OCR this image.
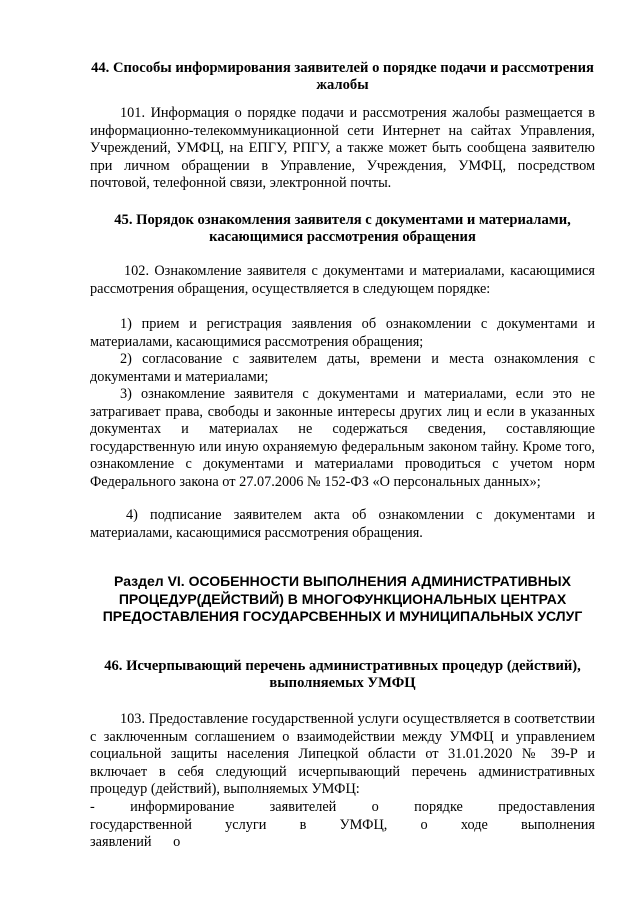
44. Способы информирования заявителей о порядке подачи и рассмотрения жалобы

101. Информация о порядке подачи и рассмотрения жалобы размещается в информационно-телекоммуникационной сети Интернет на сайтах Управления, Учреждений, УМФЦ, на ЕПГУ, РПГУ, а также может быть сообщена заявителю при личном обращении в Управление, Учреждения, УМФЦ, посредством почтовой, телефонной связи, электронной почты.

45. Порядок ознакомления заявителя с документами и материалами, касающимися рассмотрения обращения

102. Ознакомление заявителя с документами и материалами, касающимися рассмотрения обращения, осуществляется в следующем порядке:

1) прием и регистрация заявления об ознакомлении с документами и материалами, касающимися рассмотрения обращения;

2) согласование с заявителем даты, времени и места ознакомления с документами и материалами;

3) ознакомление заявителя с документами и материалами, если это не затрагивает права, свободы и законные интересы других лиц и если в указанных документах и материалах не содержаться сведения, составляющие государственную или иную охраняемую федеральным законом тайну. Кроме того, ознакомление с документами и материалами проводиться с учетом норм Федерального закона от 27.07.2006 № 152-ФЗ «О персональных данных»;

4) подписание заявителем акта об ознакомлении с документами и материалами, касающимися рассмотрения обращения.

Раздел VI. ОСОБЕННОСТИ ВЫПОЛНЕНИЯ АДМИНИСТРАТИВНЫХ ПРОЦЕДУР(ДЕЙСТВИЙ) В МНОГОФУНКЦИОНАЛЬНЫХ ЦЕНТРАХ ПРЕДОСТАВЛЕНИЯ ГОСУДАРСВЕННЫХ И МУНИЦИПАЛЬНЫХ УСЛУГ

46. Исчерпывающий перечень административных процедур (действий), выполняемых УМФЦ

103. Предоставление государственной услуги осуществляется в соответствии с заключенным соглашением о взаимодействии между УМФЦ и управлением социальной защиты населения Липецкой области от 31.01.2020 № 39-Р и включает в себя следующий исчерпывающий перечень административных процедур (действий), выполняемых УМФЦ:

- информирование заявителей о порядке предоставления государственной услуги в УМФЦ, о ходе выполнения заявлений о
